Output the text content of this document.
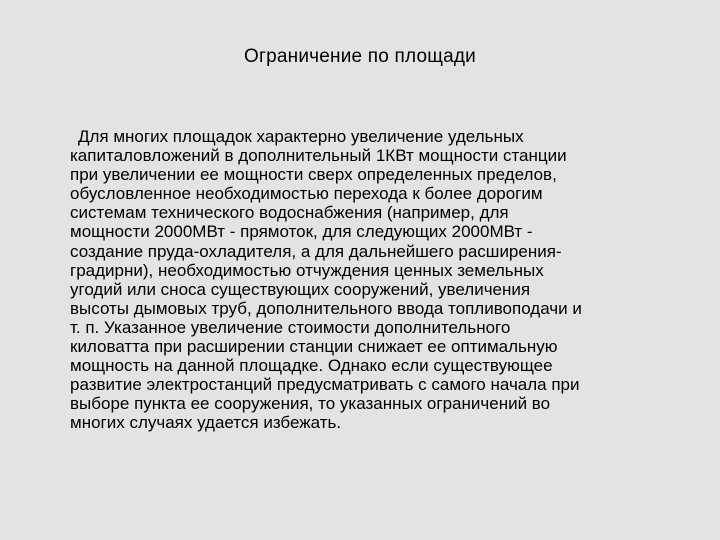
Ограничение по площади
Для многих площадок характерно увеличение удельных
капиталовложений в дополнительный 1КВт мощности станции
при увеличении ее мощности сверх определенных пределов,
обусловленное необходимостью перехода к более дорогим
системам технического водоснабжения (например, для
мощности 2000МВт - прямоток, для следующих 2000МВт -
создание пруда-охладителя, а для дальнейшего расширения-
градирни), необходимостью отчуждения ценных земельных
угодий или сноса существующих сооружений, увеличения
высоты дымовых труб, дополнительного ввода топливоподачи и
т. п. Указанное увеличение стоимости дополнительного
киловатта при расширении станции снижает ее оптимальную
мощность на данной площадке. Однако если существующее
развитие электростанций предусматривать с самого начала при
выборе пункта ее сооружения, то указанных ограничений во
многих случаях удается избежать.
